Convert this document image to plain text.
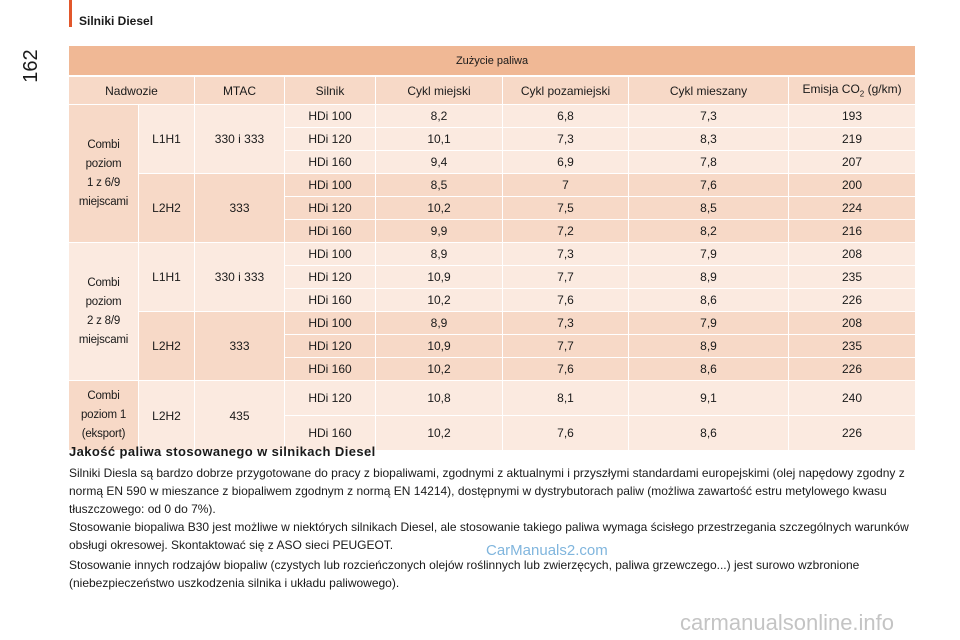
Silniki Diesel
162	Zużycie paliwa							
Nadwozie		MTAC	Silnik	Cykl miejski	Cykl pozamiejski	Cykl mieszany	Emisja $CO_2$ (g/km)

Combi
poziom
1 z 6/9
miejscami	L1H1	330 i 333	HDi 100	8,2	6,8	7,3	193
			HDi 120	10,1	7,3	8,3	219
			HDi 160	9,4	6,9	7,8	207
	L2H2	333	HDi 100	8,5	7	7,6	200
			HDi 120	10,2	7,5	8,5	224
			HDi 160	9,9	7,2	8,2	216

Combi
poziom
2 z 8/9
miejscami	L1H1	330 i 333	HDi 100	8,9	7,3	7,9	208
			HDi 120	10,9	7,7	8,9	235
			HDi 160	10,2	7,6	8,6	226
	L2H2	333	HDi 100	8,9	7,3	7,9	208
			HDi 120	10,9	7,7	8,9	235
			HDi 160	10,2	7,6	8,6	226

Combi
poziom 1
(eksport)	L2H2	435	HDi 120	10,8	8,1	9,1	240
			HDi 160	10,2	7,6	8,6	226
Jakość paliwa stosowanego w silnikach Diesel

Silniki Diesla są bardzo dobrze przygotowane do pracy z biopaliwami, zgodnymi z aktualnymi i przyszłymi standardami europejskimi (olej napędowy zgodny z normą EN 590 w mieszance z biopaliwem zgodnym z normą EN 14214), dostępnymi w dystrybutorach paliw (możliwa zawartość estru metylowego kwasu tłuszczowego: od 0 do 7%).

Stosowanie biopaliwa B30 jest możliwe w niektórych silnikach Diesel, ale stosowanie takiego paliwa wymaga ścisłego przestrzegania szczególnych warunków obsługi okresowej. Skontaktować się z ASO sieci PEUGEOT.

Stosowanie innych rodzajów biopaliw (czystych lub rozcieńczonych olejów roślinnych lub zwierzęcych, paliwa grzewczego...) jest surowo wzbronione (niebezpieczeństwo uszkodzenia silnika i układu paliwowego).

CarManuals2.com
carmanualsonline.info
